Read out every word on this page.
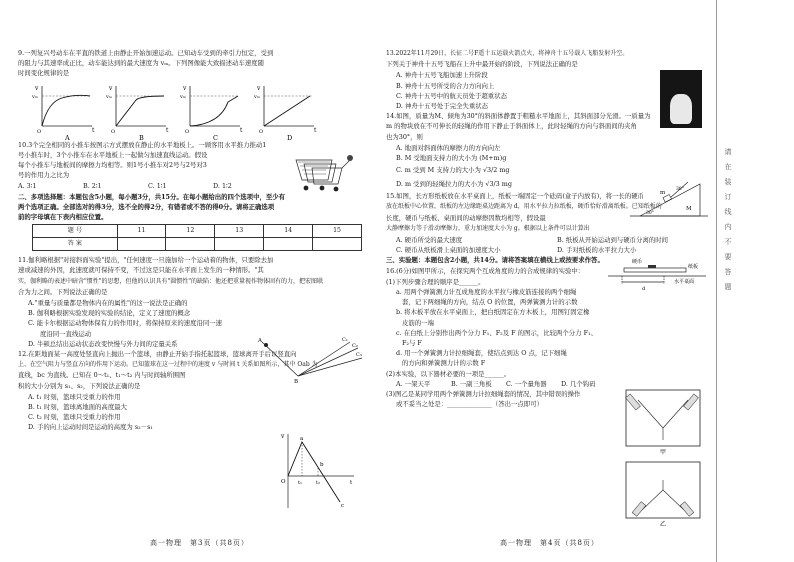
9.一列复兴号动车在平直的铁道上由静止开始加速运动。已知动车受到的牵引力恒定，受到
的阻力与其速率成正比，动车能达到的最大速度为 vₘ。下列图像能大致描述动车速度随
时间变化规律的是

10.3个完全相同的小推车按图示方式摆放在静止的水平地板上。一顾客用水平推力推动1
号小推车时，3个小推车在水平地板上一起做匀加速直线运动。假设
每个小推车与地板间的摩擦力均相等。则1号小推车对2号与2号对3
号的作用力之比为

A. 3∶1	B. 2∶1	C. 1∶1	D. 1∶2

二、多项选择题：本题包含5小题，每小题3分，共15分。在每小题给出的四个选项中，至少有
两个选项正确。全部选对的得3分，选不全的得2分，有错者或不答的得0分。请将正确选项
前的字母填在下表内相应位置。

题 号	11	12	13	14	15
答 案					

11.伽利略根据"对接斜面实验"提出，"任何速度一旦施加给一个运动着的物体，只要除去加
速或减速的外因，此速度就可保持不变，不过这是只能在水平面上发生的一种情形。"其
实，伽利略的表述中暗含"惯性"的思想，但他的认识具有"圆惯性"的缺陷：他还把重量视作物体固有的力，把宏图联
合为力之间。下列说法正确的是

A."重量与质量都是物体内在的属性"的这一说法是正确的

B. 伽利略根据实验发现的实验的结论，定义了速度的概念

C. 能卡尔根据运动物体保有力的作用时，将保持原来的速度沿同一速

度沿同一直线运动

D. 牛顿总结出运动状态改变快慢与外力间的定量关系

12.在距地面某一高度处竖直向上抛出一个篮球，由静止开始手指托起篮球，篮球离开手后以竖直向
上、在空气阻力与竖直方向的作用下运动。已知篮球在这一过程中的速度 v 与时间 t 关系如图所示，其中 Oab 为
直线，bc 为直线。已知在 0～t₁、t₁～t₂ 内与时间轴所围图
积的大小分别为 s₁、s₂，下列说法正确的是

A. t₁ 时刻，篮球只受重力的作用

B. t₁ 时刻，篮球离地面的高度最大

C. t₂ 时刻，篮球只受重力的作用

D. 手的向上运动时间是运动的高度为 s₂－s₁

v
vₘ
t
O
A
v
vₘ
t
O
B
v
vₘ
t
O
C
v
vₘ
t
O
D
A
B
C₁
C₂
C₃
v	a
b
c
O t₁	t₂	t
高一物理　第3页（共8页）

13.2022年11月29日，长征二号F遥十五运载火箭点火，将神舟十五号载人飞船发射升空。
下列关于神舟十五号飞船在上升中最开始的阶段，下列说法正确的是

A. 神舟十五号飞船加速上升阶段

B. 神舟十五号所受的合力方向向上

C. 神舟十五号中的航天员处于超重状态

D. 神舟十五号处于完全失重状态

14.如图，质量为M、倾角为30°的斜面体静置于粗糙水平地面上，其斜面部分光滑。一质量为
m 的物块放在不可伸长的轻绳的作用下静止于斜面体上，此时轻绳的方向与斜面间的夹角
也为30°，则

A. 地面对斜面体的摩擦力的方向向左

B. M 受地面支持力的大小为 (M+m)g

C. m 受到 M 支持力的大小为 √3/2 mg

D. m 受到的轻绳拉力的大小为 √3/3 mg

15.如图，长方形纸板放在水平桌面上，纸板一端固定一个砝码(盒子内放有)，将一长的硬币
放在纸板中心位置，纸板的左边缘距桌边距离为 d，用水平拉力拉纸板，硬币恰好滑离纸板。已知纸板的
长度，硬币与纸板、桌面间的动摩擦因数均相等，假设最
大静摩擦力等于滑动摩擦力，重力加速度大小为 g。根据以上条件可以计算出

A. 硬币所受的最大速度	B. 纸板从开始运动到与硬币分离的时间
C. 硬币从纸板滑上桌面的加速度大小	D. 手对纸板的水平拉力大小

三、实验题：本题包含2小题，共14分。请将答案填在横线上或按要求作答。

16.(6分)如图甲所示，在探究两个互成角度的力的合成规律的实验中：

(1)下列步骤合理的顺序是______。

a. 用两个弹簧测力计互成角度的水平拉与橡皮筋连接的两个细绳

套，记下两细绳的方向，结点 O 的位置，两弹簧测力计的示数

b. 将木板平放在水平桌面上，把白纸固定在方木板上，用图钉固定橡

皮筋的一端

c. 在白纸上分别作出两个分力 F₁、F₂及 F 的图示，比较两个分力 F₁、

F₂与 F

d. 用一个弹簧测力计拉细绳套，使结点到达 O 点，记下细绳

的方向和弹簧测力计的示数 F

(2)本实验，以下器材必要的一项是______。

A. 一架天平	B. 一副三角板	C. 一个量角器	D. 几个钩码

(3)图乙是某同学用两个弹簧测力计拉细绳套的情况，其中错误的操作

或不妥当之处是：______________（答出一点即可）

m
M
30°
30°
硬币
纸板
水平桌面
d
甲
乙
高一物理　第4页（共8页）
请在装订线内不要答题
